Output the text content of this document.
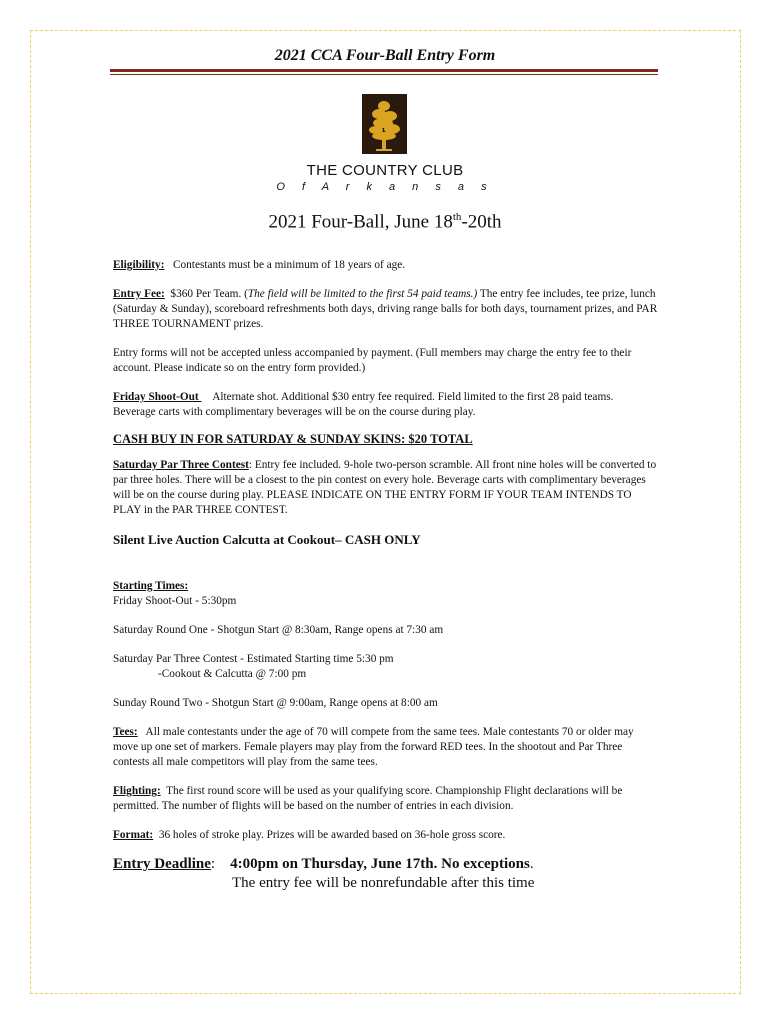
2021 CCA Four-Ball Entry Form
THE COUNTRY CLUB
O f A r k a n s a s
2021 Four-Ball, June 18th-20th

Eligibility: Contestants must be a minimum of 18 years of age.

Entry Fee: $360 Per Team. (The field will be limited to the first 54 paid teams.) The entry fee includes, tee prize, lunch (Saturday & Sunday), scoreboard refreshments both days, driving range balls for both days, tournament prizes, and PAR THREE TOURNAMENT prizes.

Entry forms will not be accepted unless accompanied by payment. (Full members may charge the entry fee to their account. Please indicate so on the entry form provided.)

Friday Shoot-Out     Alternate shot. Additional $30 entry fee required. Field limited to the first 28 paid teams. Beverage carts with complimentary beverages will be on the course during play.

CASH BUY IN FOR SATURDAY & SUNDAY SKINS: $20 TOTAL

Saturday Par Three Contest: Entry fee included. 9-hole two-person scramble. All front nine holes will be converted to par three holes. There will be a closest to the pin contest on every hole. Beverage carts with complimentary beverages will be on the course during play. PLEASE INDICATE ON THE ENTRY FORM IF YOUR TEAM INTENDS TO PLAY in the PAR THREE CONTEST.

Silent Live Auction Calcutta at Cookout– CASH ONLY

Starting Times:

Friday Shoot-Out - 5:30pm

Saturday Round One - Shotgun Start @ 8:30am, Range opens at 7:30 am

Saturday Par Three Contest - Estimated Starting time 5:30 pm

-Cookout & Calcutta @ 7:00 pm

Sunday Round Two - Shotgun Start @ 9:00am, Range opens at 8:00 am

Tees: All male contestants under the age of 70 will compete from the same tees. Male contestants 70 or older may move up one set of markers. Female players may play from the forward RED tees. In the shootout and Par Three contests all male competitors will play from the same tees.

Flighting: The first round score will be used as your qualifying score. Championship Flight declarations will be permitted. The number of flights will be based on the number of entries in each division.

Format: 36 holes of stroke play. Prizes will be awarded based on 36-hole gross score.

Entry Deadline: 4:00pm on Thursday, June 17th. No exceptions.
The entry fee will be nonrefundable after this time
